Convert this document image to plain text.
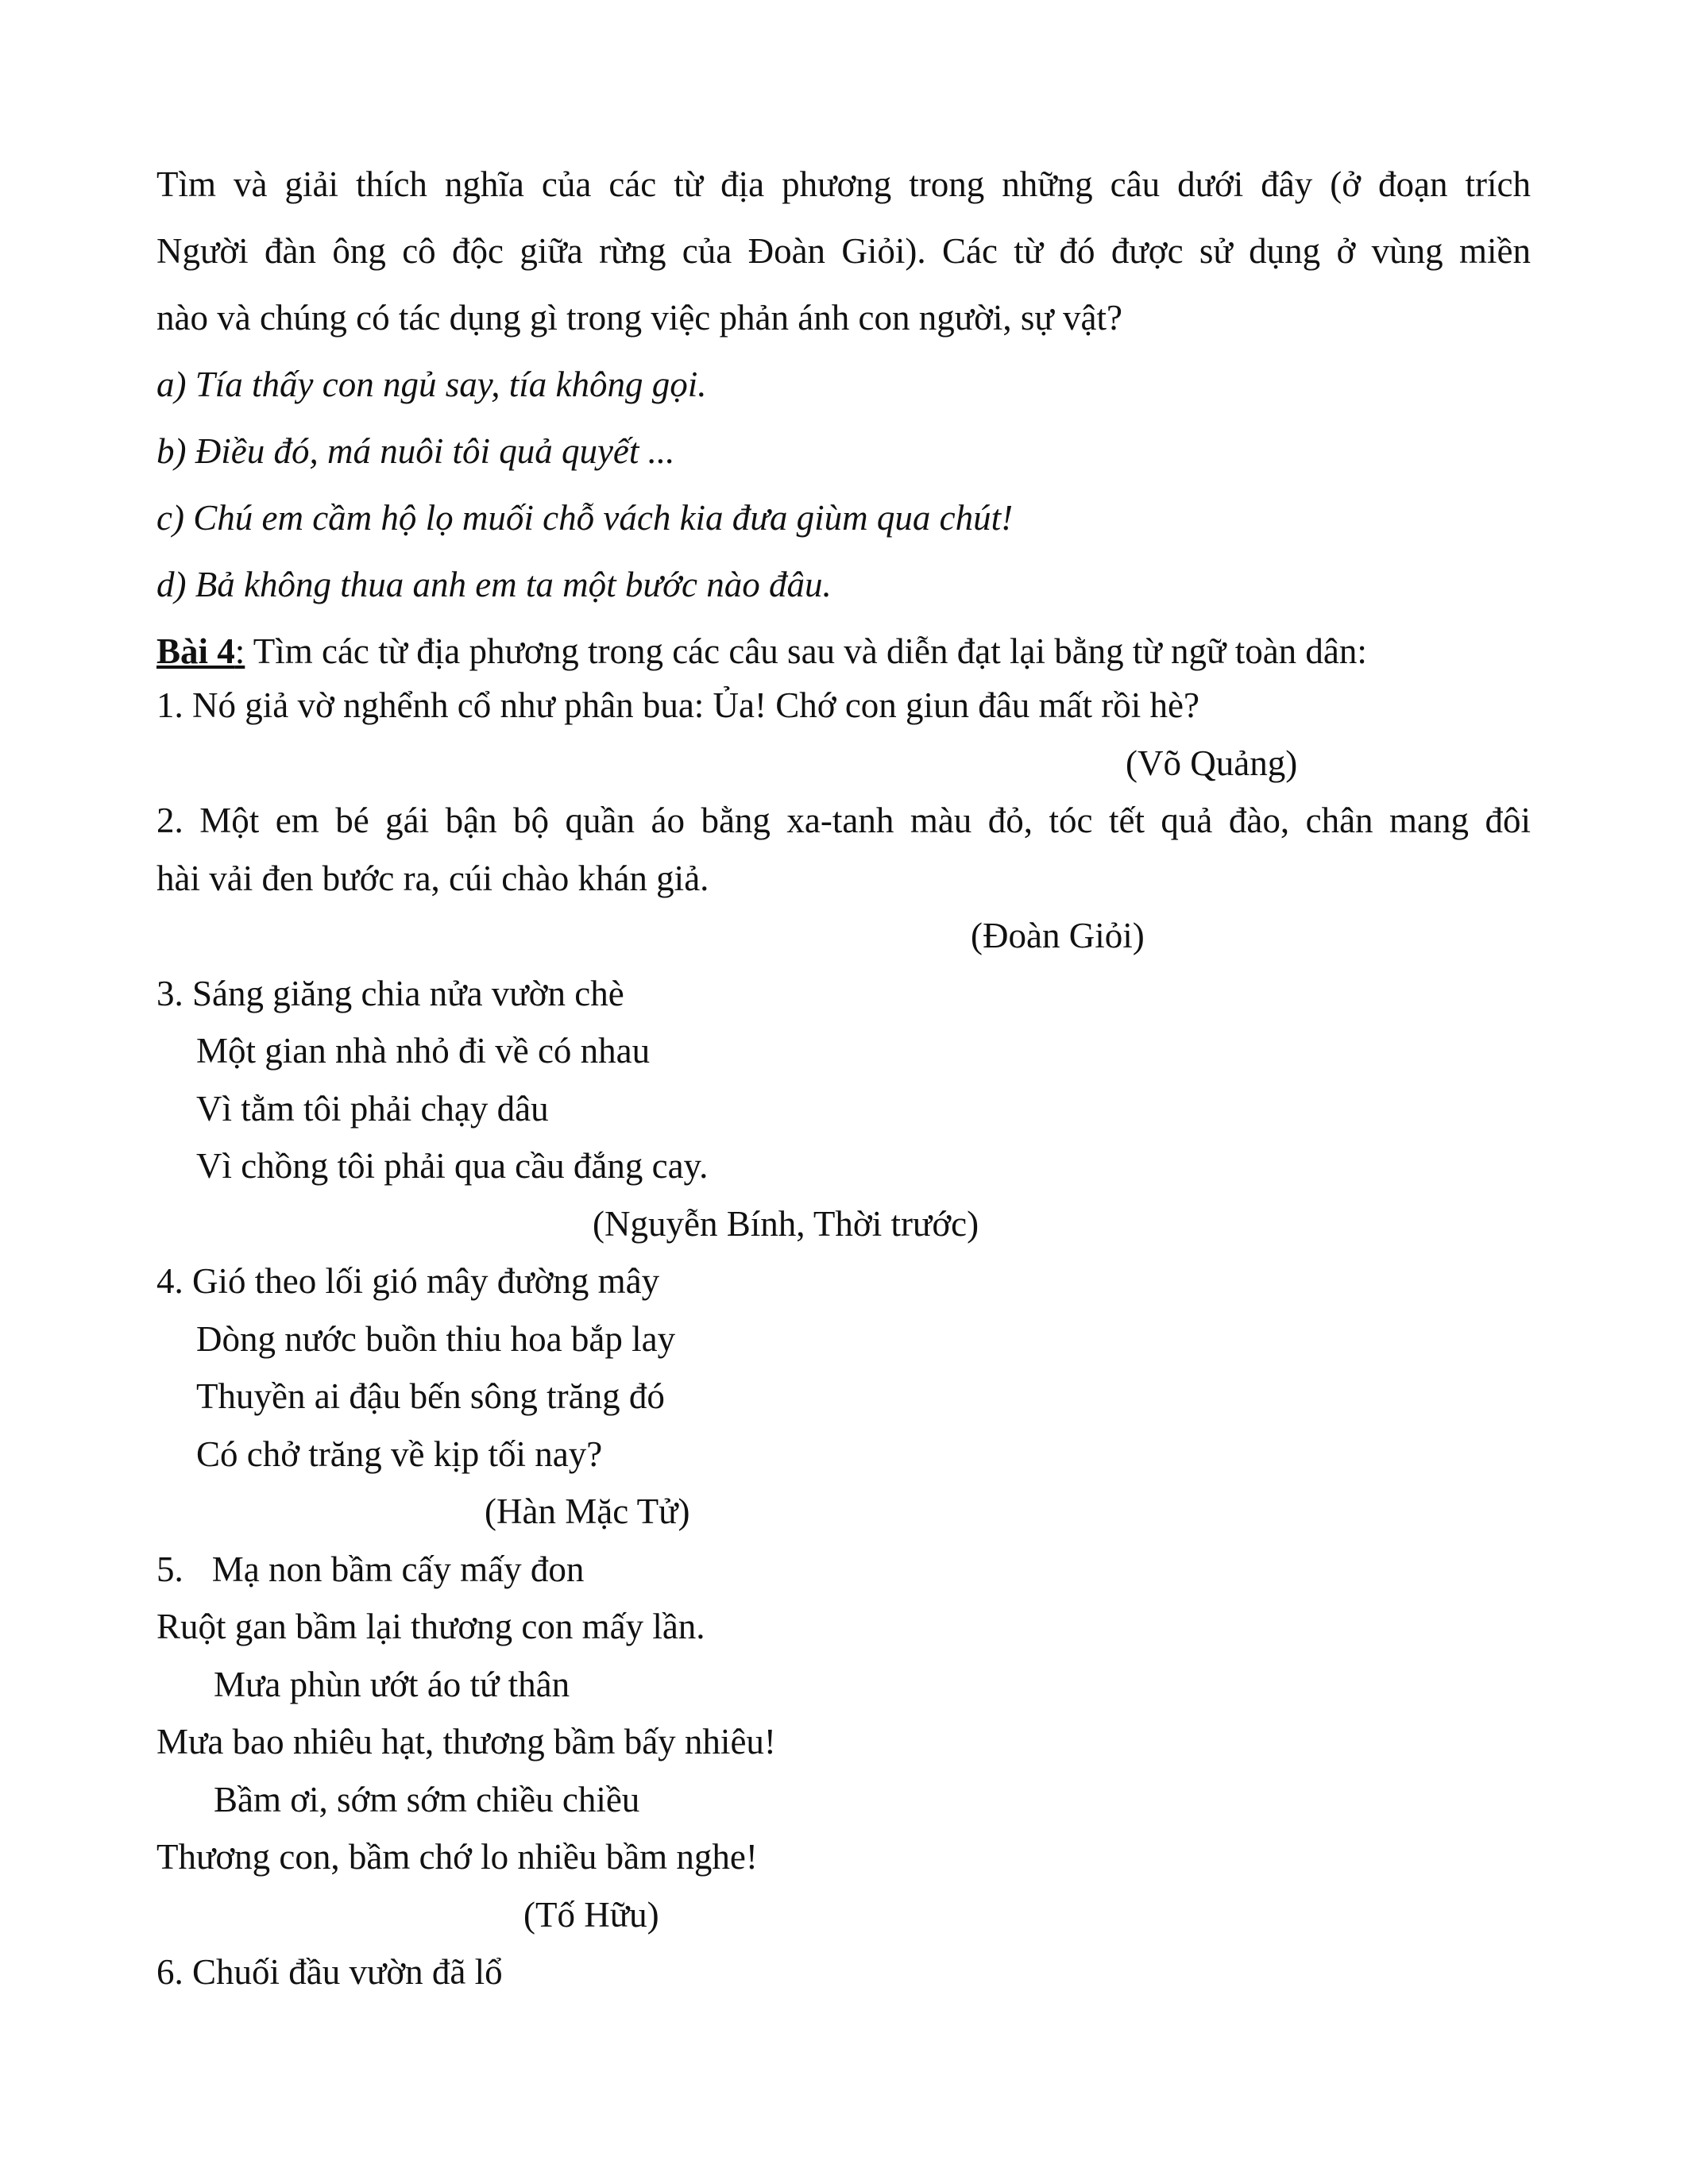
Tìm và giải thích nghĩa của các từ địa phương trong những câu dưới đây (ở đoạn trích

Người đàn ông cô độc giữa rừng của Đoàn Giỏi). Các từ đó được sử dụng ở vùng miền

nào và chúng có tác dụng gì trong việc phản ánh con người, sự vật?

a) Tía thấy con ngủ say, tía không gọi.

b) Điều đó, má nuôi tôi quả quyết ...

c) Chú em cầm hộ lọ muối chỗ vách kia đưa giùm qua chút!

d) Bả không thua anh em ta một bước nào đâu.

Bài 4: Tìm các từ địa phương trong các câu sau và diễn đạt lại bằng từ ngữ toàn dân:

1. Nó giả vờ nghểnh cổ như phân bua: Ủa! Chớ con giun đâu mất rồi hè?

(Võ Quảng)

2. Một em bé gái bận bộ quần áo bằng xa-tanh màu đỏ, tóc tết quả đào, chân mang đôi

hài vải đen bước ra, cúi chào khán giả.

(Đoàn Giỏi)

3. Sáng giăng chia nửa vườn chè

Một gian nhà nhỏ đi về có nhau

Vì tằm tôi phải chạy dâu

Vì chồng tôi phải qua cầu đắng cay.

(Nguyễn Bính, Thời trước)

4. Gió theo lối gió mây đường mây

Dòng nước buồn thiu hoa bắp lay

Thuyền ai đậu bến sông trăng đó

Có chở trăng về kịp tối nay?

(Hàn Mặc Tử)

5. Mạ non bầm cấy mấy đon

Ruột gan bầm lại thương con mấy lần.

Mưa phùn ướt áo tứ thân

Mưa bao nhiêu hạt, thương bầm bấy nhiêu!

Bầm ơi, sớm sớm chiều chiều

Thương con, bầm chớ lo nhiều bầm nghe!

(Tố Hữu)

6. Chuối đầu vườn đã lổ
